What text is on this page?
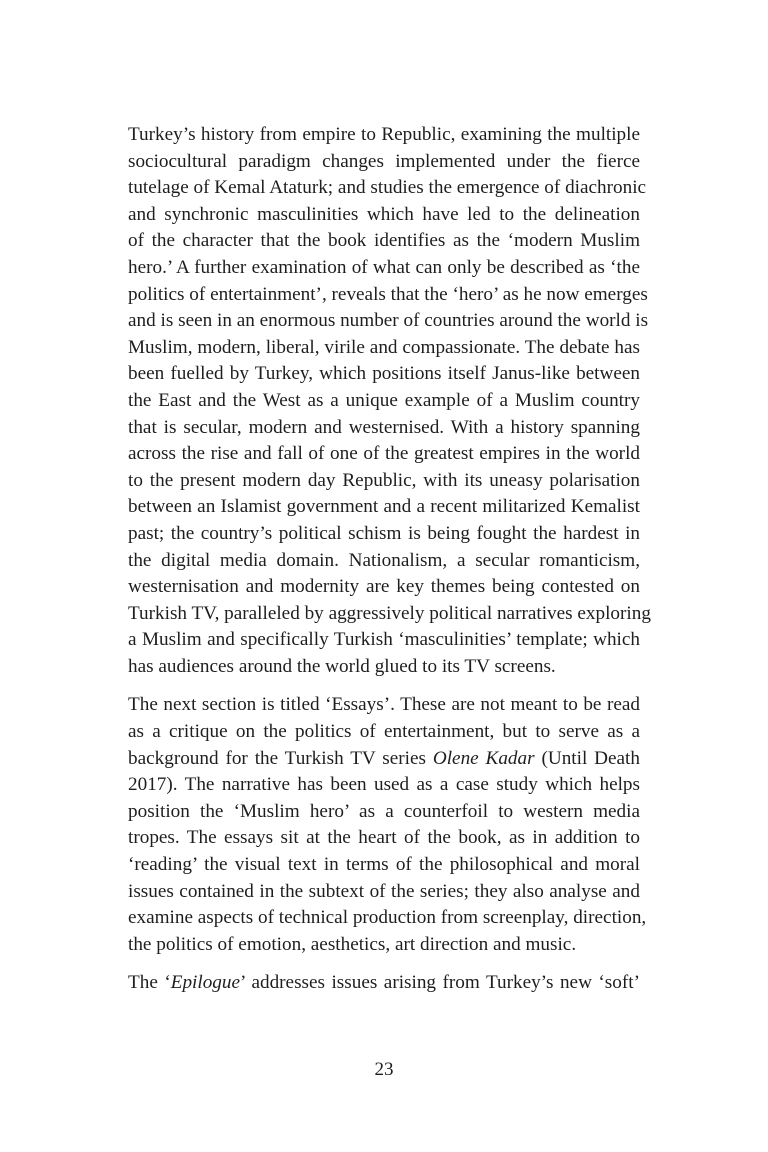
Turkey’s history from empire to Republic, examining the multiple
sociocultural paradigm changes implemented under the fierce
tutelage of Kemal Ataturk; and studies the emergence of diachronic
and synchronic masculinities which have led to the delineation
of the character that the book identifies as the ‘modern Muslim
hero.’ A further examination of what can only be described as ‘the
politics of entertainment’, reveals that the ‘hero’ as he now emerges
and is seen in an enormous number of countries around the world is
Muslim, modern, liberal, virile and compassionate. The debate has
been fuelled by Turkey, which positions itself Janus-like between
the East and the West as a unique example of a Muslim country
that is secular, modern and westernised. With a history spanning
across the rise and fall of one of the greatest empires in the world
to the present modern day Republic, with its uneasy polarisation
between an Islamist government and a recent militarized Kemalist
past; the country’s political schism is being fought the hardest in
the digital media domain. Nationalism, a secular romanticism,
westernisation and modernity are key themes being contested on
Turkish TV, paralleled by aggressively political narratives exploring
a Muslim and specifically Turkish ‘masculinities’ template; which
has audiences around the world glued to its TV screens.
The next section is titled ‘Essays’. These are not meant to be read
as a critique on the politics of entertainment, but to serve as a
background for the Turkish TV series Olene Kadar (Until Death
2017). The narrative has been used as a case study which helps
position the ‘Muslim hero’ as a counterfoil to western media
tropes. The essays sit at the heart of the book, as in addition to
‘reading’ the visual text in terms of the philosophical and moral
issues contained in the subtext of the series; they also analyse and
examine aspects of technical production from screenplay, direction,
the politics of emotion, aesthetics, art direction and music.
The ‘Epilogue’ addresses issues arising from Turkey’s new ‘soft’
23
